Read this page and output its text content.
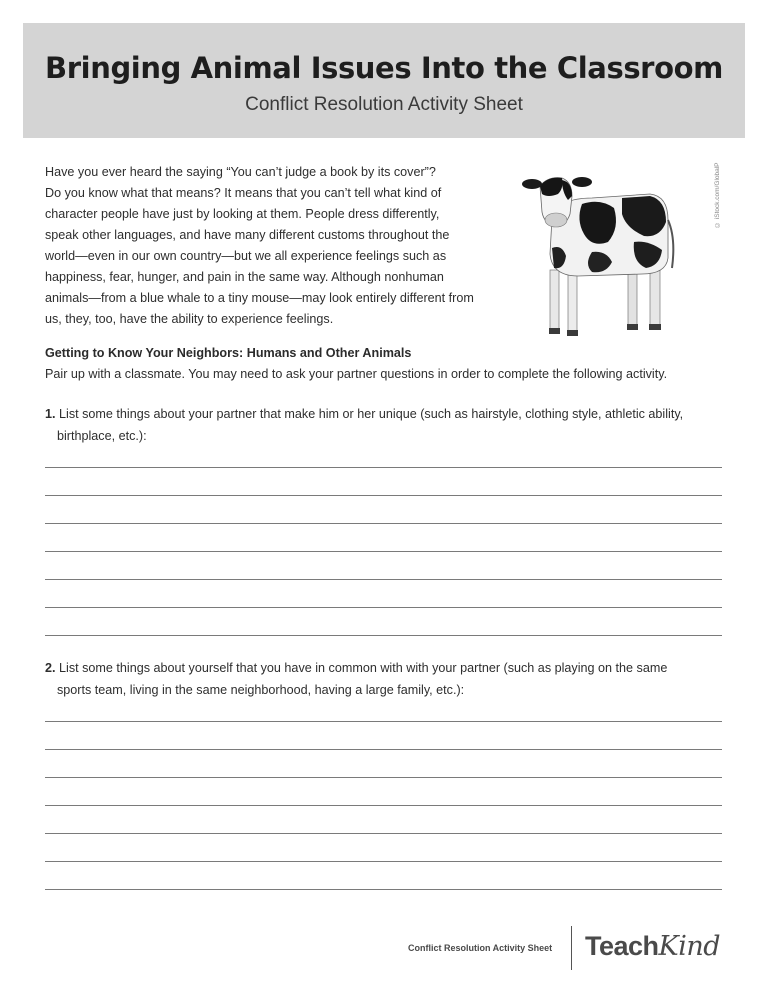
Bringing Animal Issues Into the Classroom
Conflict Resolution Activity Sheet
Have you ever heard the saying “You can’t judge a book by its cover”?
Do you know what that means? It means that you can’t tell what kind of
character people have just by looking at them. People dress differently,
speak other languages, and have many different customs throughout the
world—even in our own country—but we all experience feelings such as
happiness, fear, hunger, and pain in the same way. Although nonhuman
animals—from a blue whale to a tiny mouse—may look entirely different from
us, they, too, have the ability to experience feelings.
© iStock.com/GlobalP
Getting to Know Your Neighbors: Humans and Other Animals
Pair up with a classmate. You may need to ask your partner questions in order to complete the following activity.
1. List some things about your partner that make him or her unique (such as hairstyle, clothing style, athletic ability,
birthplace, etc.):
2. List some things about yourself that you have in common with with your partner (such as playing on the same
sports team, living in the same neighborhood, having a large family, etc.):
Conflict Resolution Activity Sheet TeachKind
